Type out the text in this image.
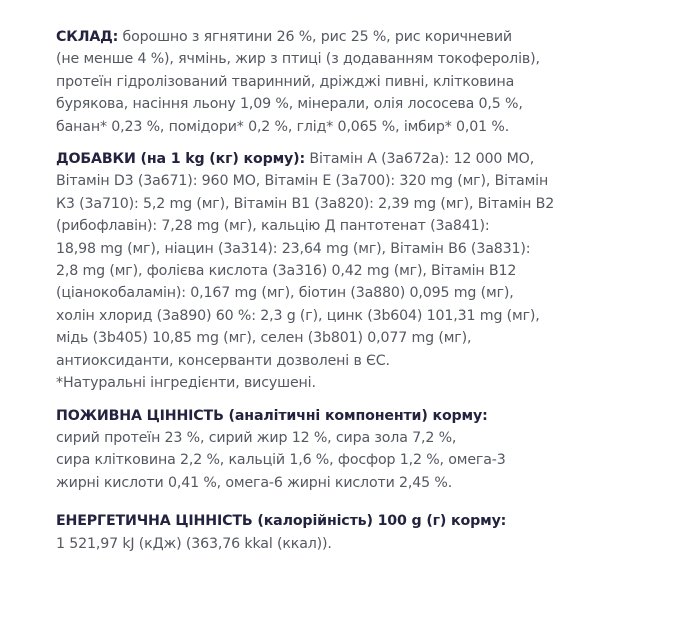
СКЛАД: борошно з ягнятини 26 %, рис 25 %, рис коричневий
(не менше 4 %), ячмінь, жир з птиці (з додаванням токоферолів),
протеїн гідролізований тваринний, дріжджі пивні, клітковина
бурякова, насіння льону 1,09 %, мінерали, олія лососева 0,5 %,
банан* 0,23 %, помідори* 0,2 %, глід* 0,065 %, імбир* 0,01 %.
ДОБАВКИ (на 1 kg (кг) корму): Вітамін А (3а672а): 12 000 МО,
Вітамін D3 (3а671): 960 МО, Вітамін Е (3а700): 320 mg (мг), Вітамін
К3 (3а710): 5,2 mg (мг), Вітамін В1 (3а820): 2,39 mg (мг), Вітамін В2
(рибофлавін): 7,28 mg (мг), кальцію Д пантотенат (3а841):
18,98 mg (мг), ніацин (3а314): 23,64 mg (мг), Вітамін В6 (3а831):
2,8 mg (мг), фолієва кислота (3а316) 0,42 mg (мг), Вітамін В12
(ціанокобаламін): 0,167 mg (мг), біотин (3а880) 0,095 mg (мг),
холін хлорид (3а890) 60 %: 2,3 g (г), цинк (3b604) 101,31 mg (мг),
мідь (3b405) 10,85 mg (мг), селен (3b801) 0,077 mg (мг),
антиоксиданти, консерванти дозволені в ЄС.
*Натуральні інгредієнти, висушені.
ПОЖИВНА ЦІННІСТЬ (аналітичні компоненти) корму:
сирий протеїн 23 %, сирий жир 12 %, сира зола 7,2 %,
сира клітковина 2,2 %, кальцій 1,6 %, фосфор 1,2 %, омега-3
жирні кислоти 0,41 %, омега-6 жирні кислоти 2,45 %.
ЕНЕРГЕТИЧНА ЦІННІСТЬ (калорійність) 100 g (г) корму:
1 521,97 kJ (кДж) (363,76 kkal (ккал)).
